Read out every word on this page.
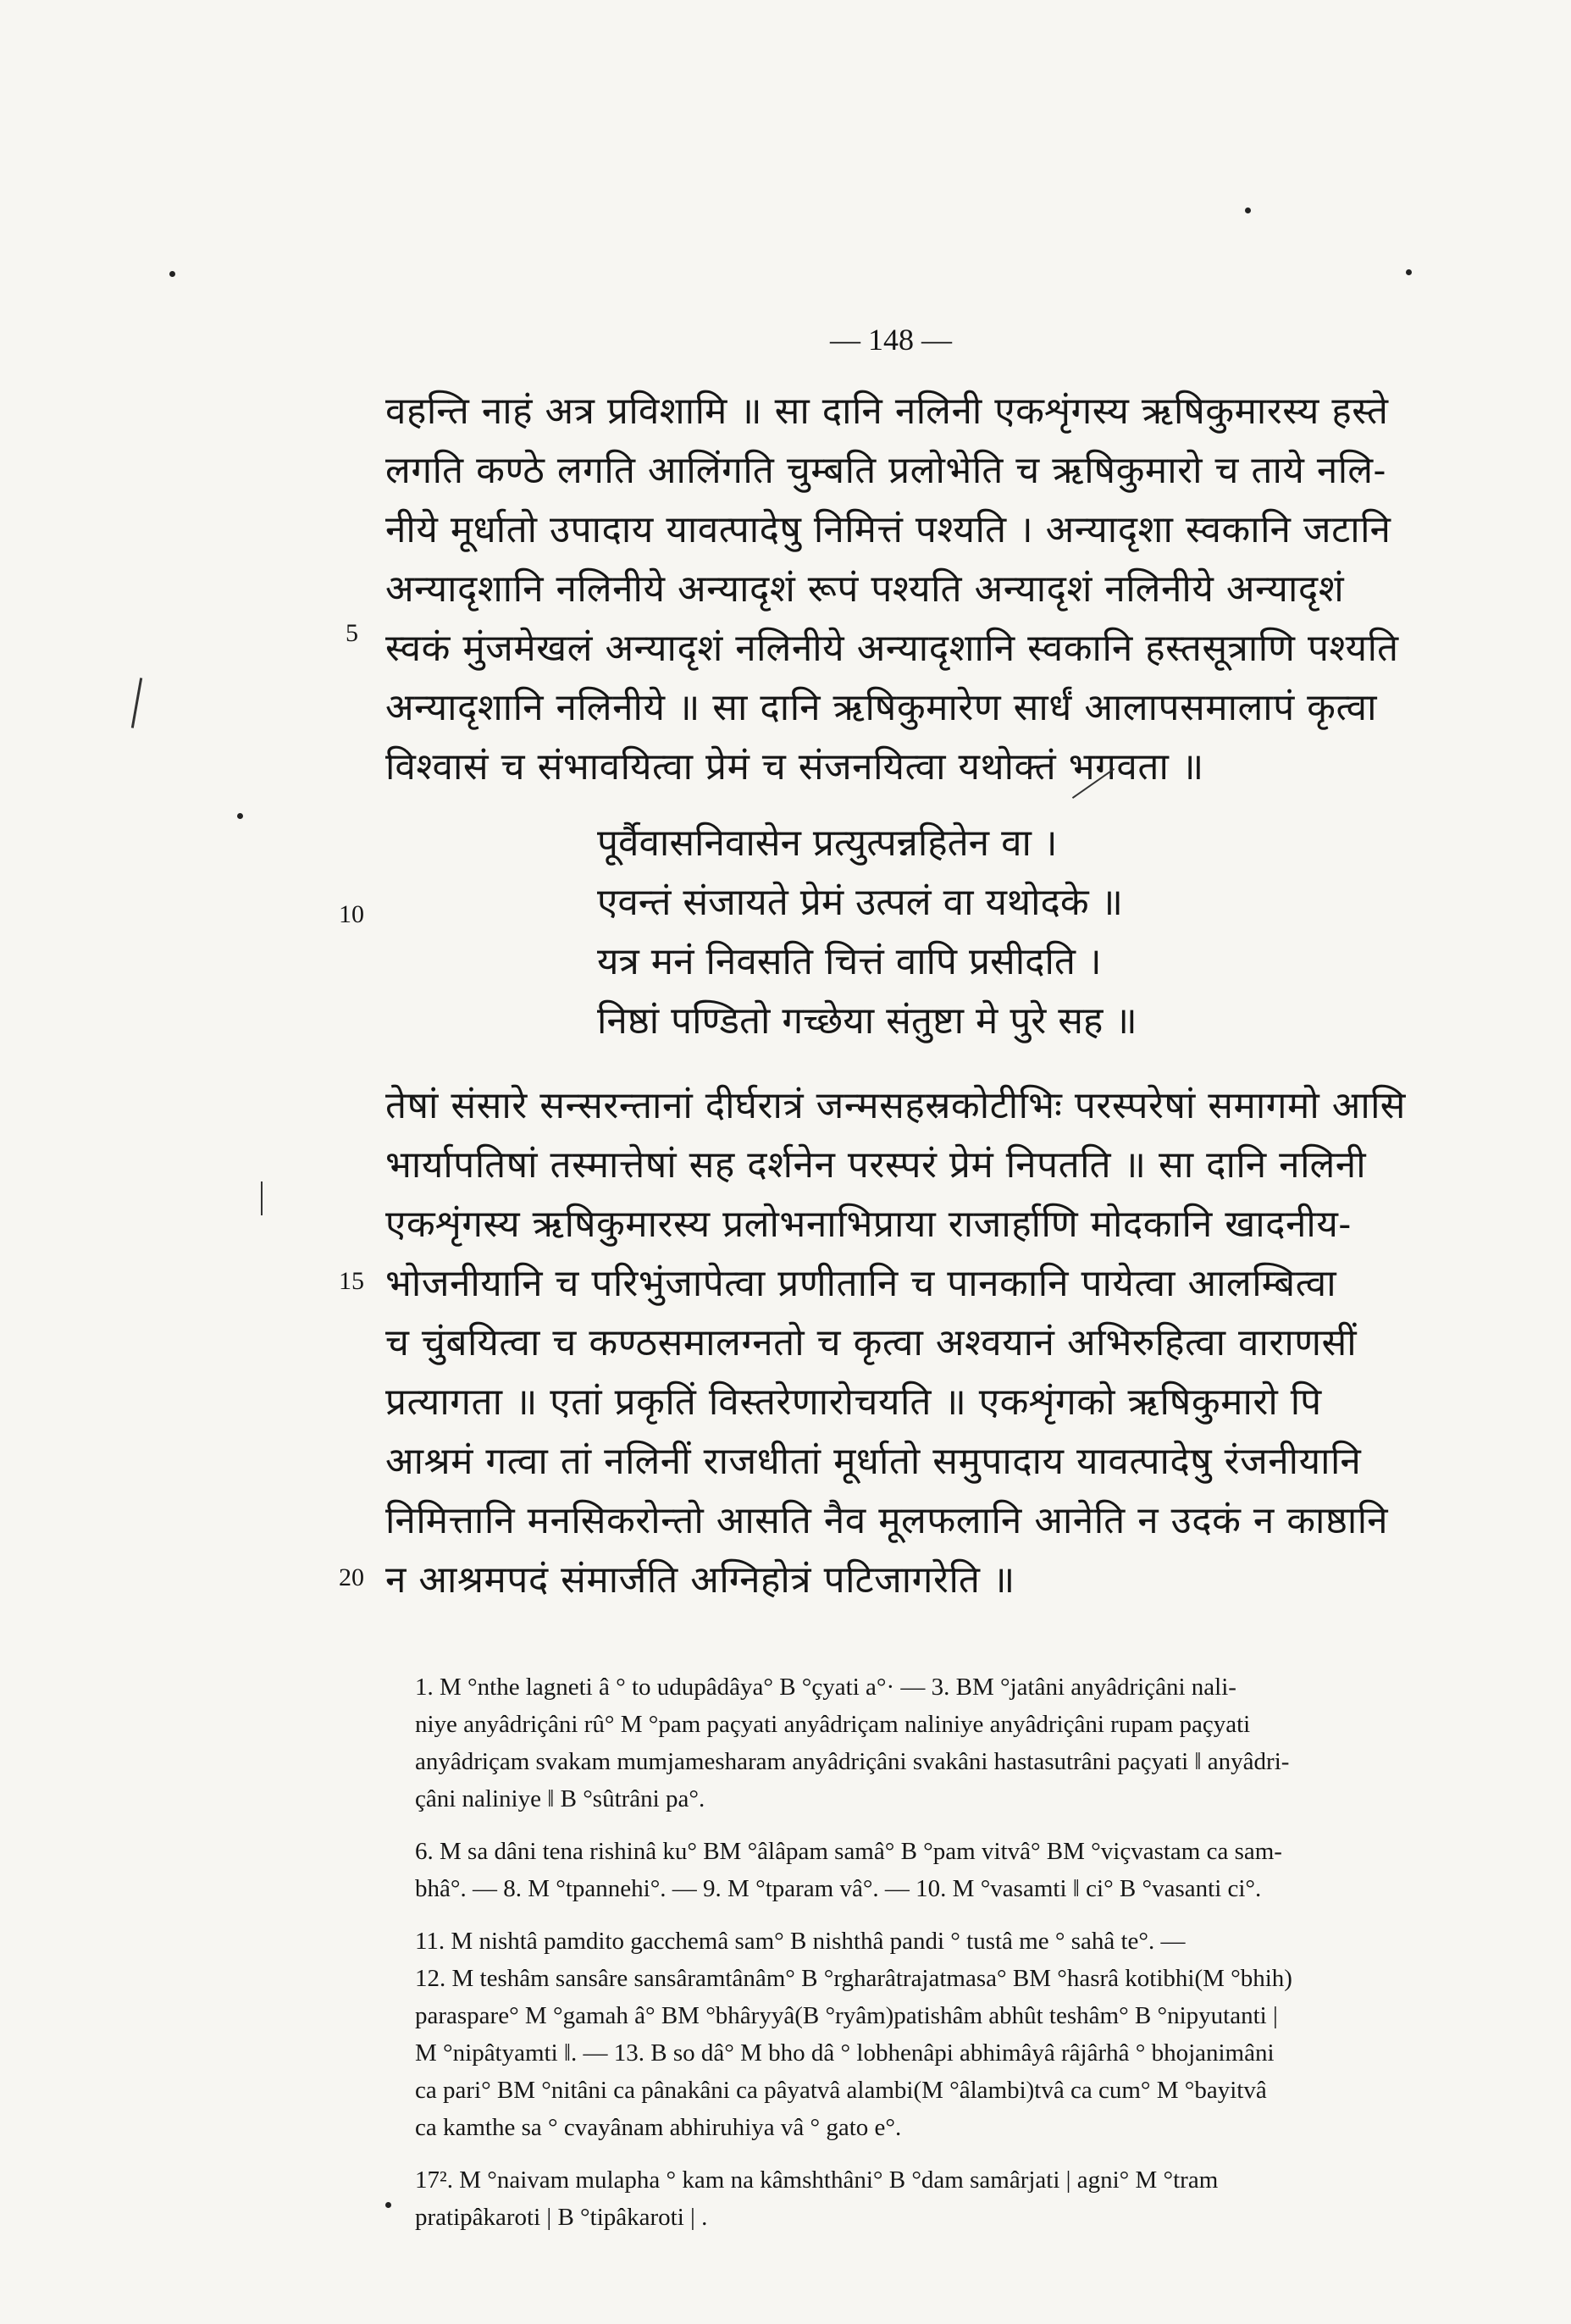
— 148 —
वहन्ति नाहं अत्र प्रविशामि ॥ सा दानि नलिनी एकशृंगस्य ऋषिकुमारस्य हस्ते
लगति कण्ठे लगति आलिंगति चुम्बति प्रलोभेति च ऋषिकुमारो च ताये नलि-
नीये मूर्धातो उपादाय यावत्पादेषु निमित्तं पश्यति । अन्यादृशा स्वकानि जटानि
अन्यादृशानि नलिनीये अन्यादृशं रूपं पश्यति अन्यादृशं नलिनीये अन्यादृशं
स्वकं मुंजमेखलं अन्यादृशं नलिनीये अन्यादृशानि स्वकानि हस्तसूत्राणि पश्यति
अन्यादृशानि नलिनीये ॥ सा दानि ऋषिकुमारेण सार्धं आलापसमालापं कृत्वा
विश्वासं च संभावयित्वा प्रेमं च संजनयित्वा यथोक्तं भगवता ॥
पूर्वैवासनिवासेन प्रत्युत्पन्नहितेन वा ।
एवन्तं संजायते प्रेमं उत्पलं वा यथोदके ॥
यत्र मनं निवसति चित्तं वापि प्रसीदति ।
निष्ठां पण्डितो गच्छेया संतुष्टा मे पुरे सह ॥
तेषां संसारे सन्सरन्तानां दीर्घरात्रं जन्मसहस्रकोटीभिः परस्परेषां समागमो आसि
भार्यापतिषां तस्मात्तेषां सह दर्शनेन परस्परं प्रेमं निपतति ॥ सा दानि नलिनी
एकशृंगस्य ऋषिकुमारस्य प्रलोभनाभिप्राया राजार्हाणि मोदकानि खादनीय-
भोजनीयानि च परिभुंजापेत्वा प्रणीतानि च पानकानि पायेत्वा आलम्बित्वा
च चुंबयित्वा च कण्ठसमालग्नतो च कृत्वा अश्वयानं अभिरुहित्वा वाराणसीं
प्रत्यागता ॥ एतां प्रकृतिं विस्तरेणारोचयति ॥ एकशृंगको ऋषिकुमारो पि
आश्रमं गत्वा तां नलिनीं राजधीतां मूर्धातो समुपादाय यावत्पादेषु रंजनीयानि
निमित्तानि मनसिकरोन्तो आसति नैव मूलफलानि आनेति न उदकं न काष्ठानि
न आश्रमपदं संमार्जति अग्निहोत्रं पटिजागरेति ॥
5
10
15
20
1. M °nthe lagneti â ° to udupâdâya° B °çyati a°· — 3. BM °jatâni anyâdriçâni nali-
niye anyâdriçâni rû° M °pam paçyati anyâdriçam naliniye anyâdriçâni rupam paçyati
anyâdriçam svakam mumjamesharam anyâdriçâni svakâni hastasutrâni paçyati ‖ anyâdri-
çâni naliniye ‖ B °sûtrâni pa°.
6. M sa dâni tena rishinâ ku° BM °âlâpam samâ° B °pam vitvâ° BM °viçvastam ca sam-
bhâ°. — 8. M °tpannehi°. — 9. M °tparam vâ°. — 10. M °vasamti ‖ ci° B °vasanti ci°.
11. M nishtâ pamdito gacchemâ sam° B nishthâ pandi ° tustâ me ° sahâ te°. —
12. M teshâm sansâre sansâramtânâm° B °rgharâtrajatmasa° BM °hasrâ kotibhi(M °bhih)
paraspare° M °gamah â° BM °bhâryyâ(B °ryâm)patishâm abhût teshâm° B °nipyutanti |
M °nipâtyamti ‖. — 13. B so dâ° M bho dâ ° lobhenâpi abhimâyâ râjârhâ ° bhojanimâni
ca pari° BM °nitâni ca pânakâni ca pâyatvâ alambi(M °âlambi)tvâ ca cum° M °bayitvâ
ca kamthe sa ° cvayânam abhiruhiya vâ ° gato e°.
17². M °naivam mulapha ° kam na kâmshthâni° B °dam samârjati | agni° M °tram
pratipâkaroti | B °tipâkaroti | .
